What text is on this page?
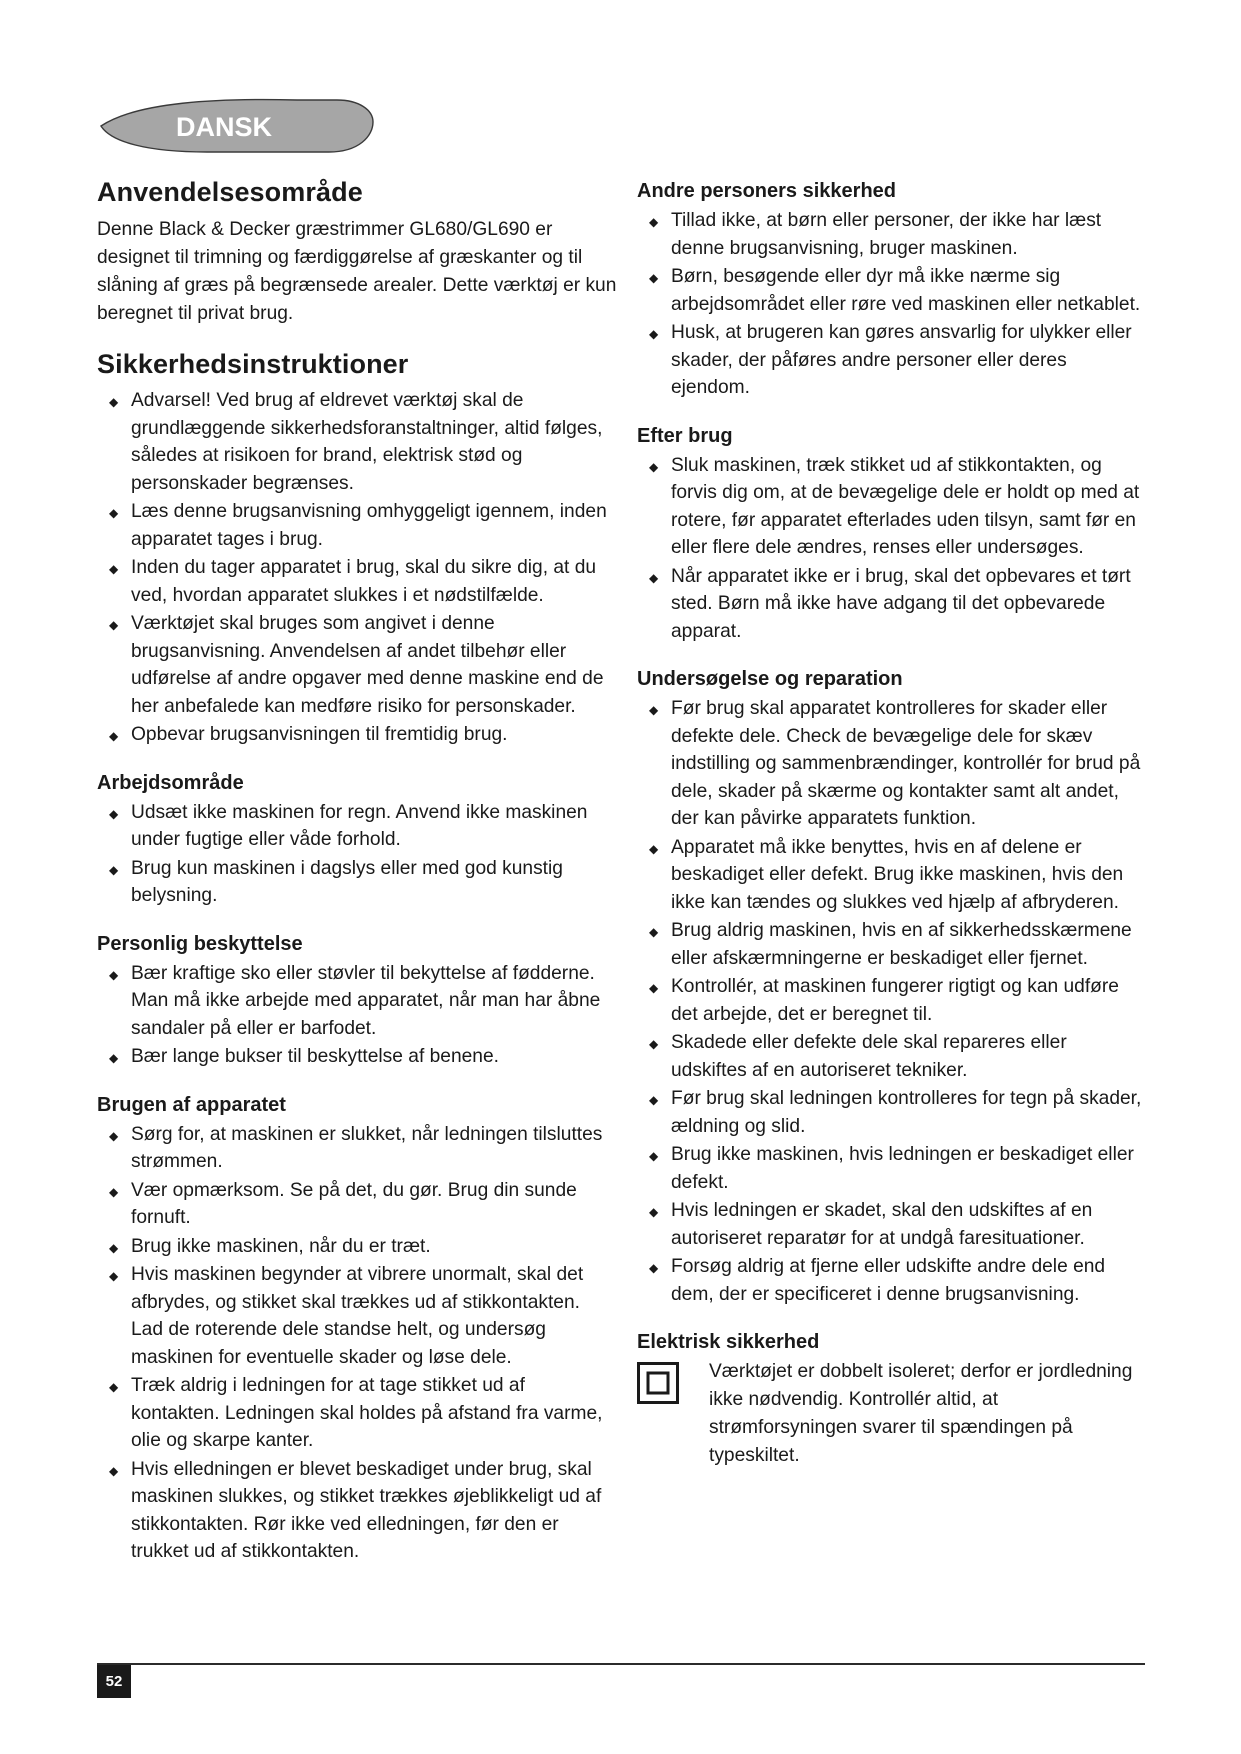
DANSK
Anvendelsesområde

Denne Black & Decker græstrimmer GL680/GL690 er designet til trimning og færdiggørelse af græskanter og til slåning af græs på begrænsede arealer. Dette værktøj er kun beregnet til privat brug.

Sikkerhedsinstruktioner
◆ Advarsel! Ved brug af eldrevet værktøj skal de grundlæggende sikkerhedsforanstaltninger, altid følges, således at risikoen for brand, elektrisk stød og personskader begrænses.
◆ Læs denne brugsanvisning omhyggeligt igennem, inden apparatet tages i brug.
◆ Inden du tager apparatet i brug, skal du sikre dig, at du ved, hvordan apparatet slukkes i et nødstilfælde.
◆ Værktøjet skal bruges som angivet i denne brugsanvisning. Anvendelsen af andet tilbehør eller udførelse af andre opgaver med denne maskine end de her anbefalede kan medføre risiko for personskader.
◆ Opbevar brugsanvisningen til fremtidig brug.
Arbejdsområde
◆ Udsæt ikke maskinen for regn. Anvend ikke maskinen under fugtige eller våde forhold.
◆ Brug kun maskinen i dagslys eller med god kunstig belysning.
Personlig beskyttelse
◆ Bær kraftige sko eller støvler til bekyttelse af fødderne. Man må ikke arbejde med apparatet, når man har åbne sandaler på eller er barfodet.
◆ Bær lange bukser til beskyttelse af benene.
Brugen af apparatet
◆ Sørg for, at maskinen er slukket, når ledningen tilsluttes strømmen.
◆ Vær opmærksom. Se på det, du gør. Brug din sunde fornuft.
◆ Brug ikke maskinen, når du er træt.
◆ Hvis maskinen begynder at vibrere unormalt, skal det afbrydes, og stikket skal trækkes ud af stikkontakten. Lad de roterende dele standse helt, og undersøg maskinen for eventuelle skader og løse dele.
◆ Træk aldrig i ledningen for at tage stikket ud af kontakten. Ledningen skal holdes på afstand fra varme, olie og skarpe kanter.
◆ Hvis elledningen er blevet beskadiget under brug, skal maskinen slukkes, og stikket trækkes øjeblikkeligt ud af stikkontakten. Rør ikke ved elledningen, før den er trukket ud af stikkontakten.
Andre personers sikkerhed
◆ Tillad ikke, at børn eller personer, der ikke har læst denne brugsanvisning, bruger maskinen.
◆ Børn, besøgende eller dyr må ikke nærme sig arbejdsområdet eller røre ved maskinen eller netkablet.
◆ Husk, at brugeren kan gøres ansvarlig for ulykker eller skader, der påføres andre personer eller deres ejendom.
Efter brug
◆ Sluk maskinen, træk stikket ud af stikkontakten, og forvis dig om, at de bevægelige dele er holdt op med at rotere, før apparatet efterlades uden tilsyn, samt før en eller flere dele ændres, renses eller undersøges.
◆ Når apparatet ikke er i brug, skal det opbevares et tørt sted. Børn må ikke have adgang til det opbevarede apparat.
Undersøgelse og reparation
◆ Før brug skal apparatet kontrolleres for skader eller defekte dele. Check de bevægelige dele for skæv indstilling og sammenbrændinger, kontrollér for brud på dele, skader på skærme og kontakter samt alt andet, der kan påvirke apparatets funktion.
◆ Apparatet må ikke benyttes, hvis en af delene er beskadiget eller defekt. Brug ikke maskinen, hvis den ikke kan tændes og slukkes ved hjælp af afbryderen.
◆ Brug aldrig maskinen, hvis en af sikkerhedsskærmene eller afskærmningerne er beskadiget eller fjernet.
◆ Kontrollér, at maskinen fungerer rigtigt og kan udføre det arbejde, det er beregnet til.
◆ Skadede eller defekte dele skal repareres eller udskiftes af en autoriseret tekniker.
◆ Før brug skal ledningen kontrolleres for tegn på skader, ældning og slid.
◆ Brug ikke maskinen, hvis ledningen er beskadiget eller defekt.
◆ Hvis ledningen er skadet, skal den udskiftes af en autoriseret reparatør for at undgå faresituationer.
◆ Forsøg aldrig at fjerne eller udskifte andre dele end dem, der er specificeret i denne brugsanvisning.
Elektrisk sikkerhed

Værktøjet er dobbelt isoleret; derfor er jordledning ikke nødvendig. Kontrollér altid, at strømforsyningen svarer til spændingen på typeskiltet.

52
